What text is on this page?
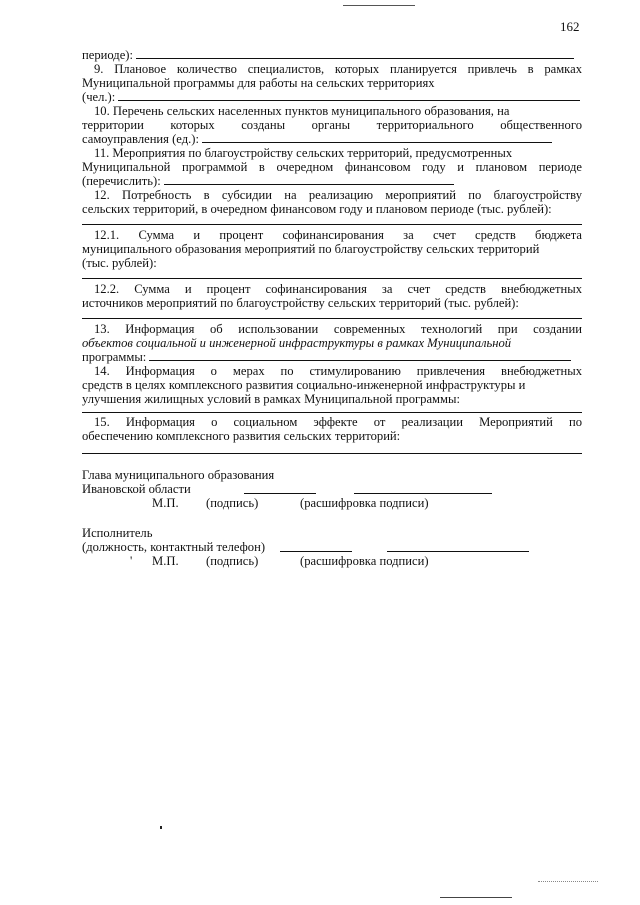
162
периоде):
9. Плановое количество специалистов, которых планируется привлечь в рамках
Муниципальной программы для работы на сельских территориях
(чел.):
10. Перечень сельских населенных пунктов муниципального образования, на
территории которых созданы органы территориального общественного
самоуправления (ед.):
11. Мероприятия по благоустройству сельских территорий, предусмотренных
Муниципальной программой в очередном финансовом году и плановом периоде
(перечислить):
12. Потребность в субсидии на реализацию мероприятий по благоустройству
сельских территорий, в очередном финансовом году и плановом периоде (тыс. рублей):
12.1. Сумма и процент софинансирования за счет средств бюджета
муниципального образования мероприятий по благоустройству сельских территорий
(тыс. рублей):
12.2. Сумма и процент софинансирования за счет средств внебюджетных
источников мероприятий по благоустройству сельских территорий (тыс. рублей):
13. Информация об использовании современных технологий при создании
объектов социальной и инженерной инфраструктуры в рамках Муниципальной
программы:
14. Информация о мерах по стимулированию привлечения внебюджетных
средств в целях комплексного развития социально-инженерной инфраструктуры и
улучшения жилищных условий в рамках Муниципальной программы:
15. Информация о социальном эффекте от реализации Мероприятий по
обеспечению комплексного развития сельских территорий:
Глава муниципального образования
Ивановской области
М.П. (подпись)	(расшифровка подписи)
Исполнитель
(должность, контактный телефон)
' М.П. (подпись)	(расшифровка подписи)
